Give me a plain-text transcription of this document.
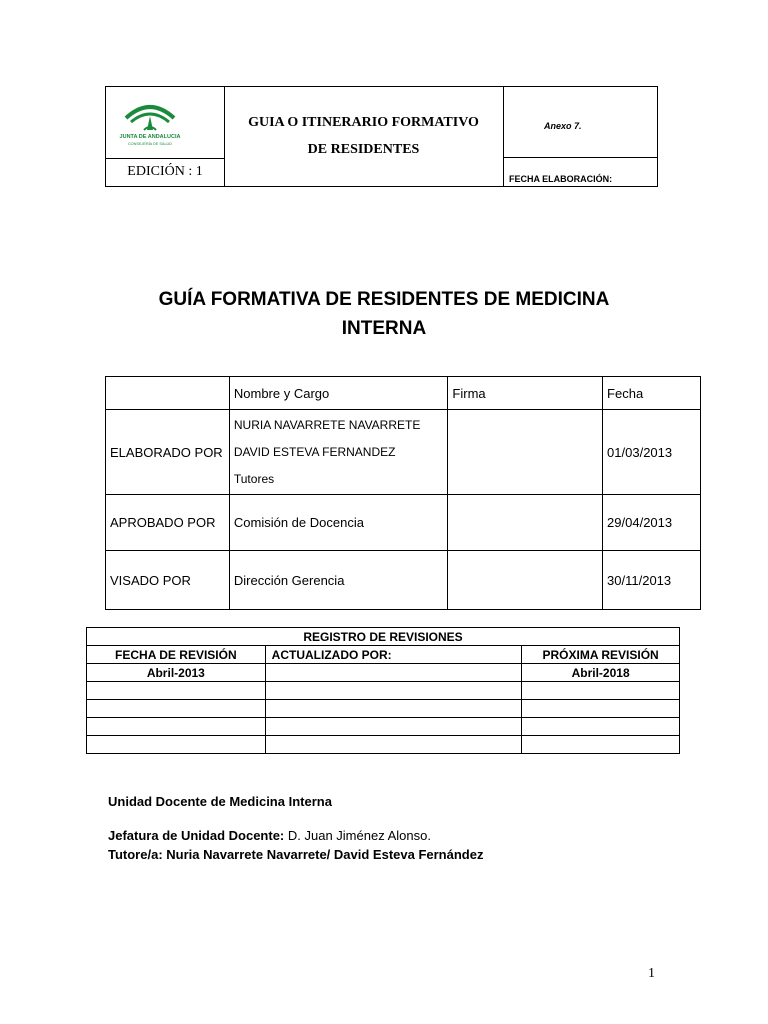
JUNTA DE ANDALUCIA
CONSEJERÍA DE SALUD
EDICIÓN : 1
GUIA O ITINERARIO FORMATIVO
DE RESIDENTES
Anexo 7.
FECHA ELABORACIÓN:
GUÍA FORMATIVA DE RESIDENTES DE MEDICINA
INTERNA
	Nombre y Cargo	Firma	Fecha
ELABORADO POR	NURIA NAVARRETE NAVARRETE
DAVID ESTEVA FERNANDEZ
Tutores		01/03/2013
APROBADO POR	Comisión de Docencia		29/04/2013
VISADO POR	Dirección Gerencia		30/11/2013
REGISTRO DE REVISIONES		
FECHA DE REVISIÓN	ACTUALIZADO POR:	PRÓXIMA REVISIÓN
Abril-2013		Abril-2018

Unidad Docente de Medicina Interna
Jefatura de Unidad Docente: D. Juan Jiménez Alonso.
Tutore/a: Nuria Navarrete Navarrete/ David Esteva Fernández
1
